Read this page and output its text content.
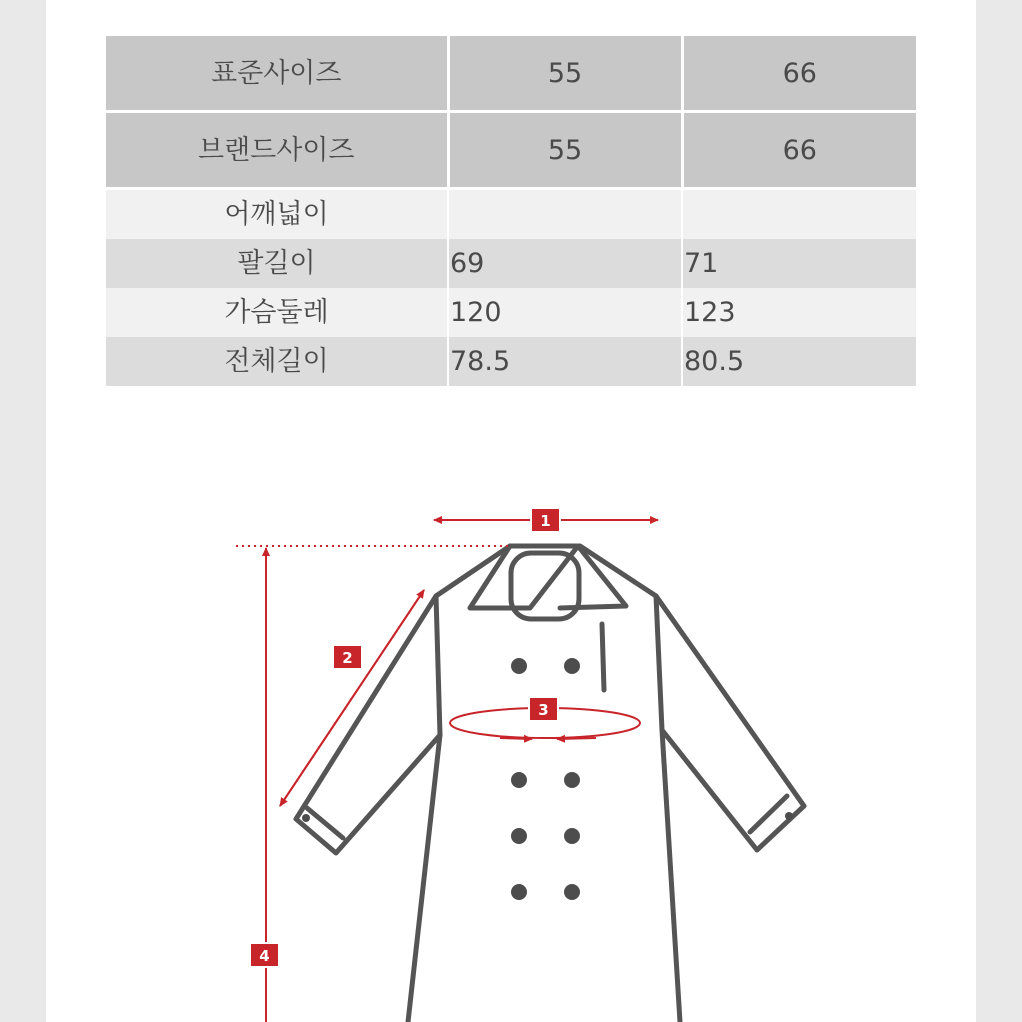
표준사이즈	55	66
브랜드사이즈	55	66
어깨넓이		
팔길이	69	71
가슴둘레	120	123
전체길이	78.5	80.5
1
2
3
4
